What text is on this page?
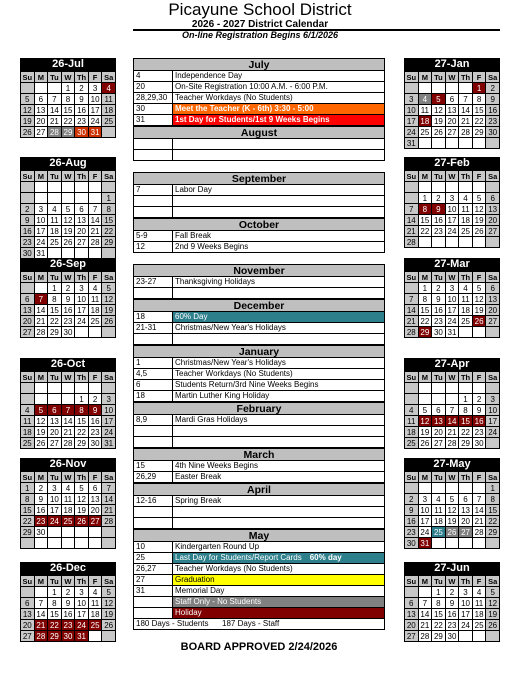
Picayune School District
2026 - 2027 District Calendar
On-line Registration Begins 6/1/2026
July
4	Independence Day
20	On-Site Registration 10:00 A.M. - 6:00 P.M.
28,29,30 Teacher Workdays (No Students)
30	Meet the Teacher (K - 6th) 3:30 - 5:00
31	1st Day for Students/1st 9 Weeks Begins
August
September
7	Labor Day
October
5-9	Fall Break
12	2nd 9 Weeks Begins
November
23-27	Thanksgiving Holidays
December
18	60% Day
21-31	Christmas/New Year's Holidays
January
1	Christmas/New Year's Holidays
4,5	Teacher Workdays (No Students)
6	Students Return/3rd Nine Weeks Begins
18	Martin Luther King Holiday
February
8,9	Mardi Gras Holidays
March
15	4th Nine Weeks Begins
26,29	Easter Break
April
12-16	Spring Break
May
10	Kindergarten Round Up
25	Last Day for Students/Report Cards 60% day
26,27	Teacher Workdays (No Students)
27	Graduation
31	Memorial Day
Staff Only - No Students
Holiday
180 Days - Students	187 Days - Staff
BOARD APPROVED 2/24/2026
26-Jul
Su	M	Tu	W	Th	F	Sa
			1	2	3	4
5	6	7	8	9	10	11
12	13	14	15	16	17	18
19	20	21	22	23	24	25
26	27	28	29	30	31	
26-Aug
Su	M	Tu	W	Th	F	Sa

						1
2	3	4	5	6	7	8
9	10	11	12	13	14	15
16	17	18	19	20	21	22
23	24	25	26	27	28	29
30	31					
26-Sep
Su	M	Tu	W	Th	F	Sa
		1	2	3	4	5
6	7	8	9	10	11	12
13	14	15	16	17	18	19
20	21	22	23	24	25	26
27	28	29	30			
26-Oct
Su	M	Tu	W	Th	F	Sa

				1	2	3
4	5	6	7	8	9	10
11	12	13	14	15	16	17
18	19	20	21	22	23	24
25	26	27	28	29	30	31
26-Nov
Su	M	Tu	W	Th	F	Sa
1	2	3	4	5	6	7
8	9	10	11	12	13	14
15	16	17	18	19	20	21
22	23	24	25	26	27	28
29	30					

26-Dec
Su	M	Tu	W	Th	F	Sa
		1	2	3	4	5
6	7	8	9	10	11	12
13	14	15	16	17	18	19
20	21	22	23	24	25	26
27	28	29	30	31		
27-Jan
Su	M	Tu	W	Th	F	Sa
					1	2
3	4	5	6	7	8	9
10	11	12	13	14	15	16
17	18	19	20	21	22	23
24	25	26	27	28	29	30
31						
27-Feb
Su	M	Tu	W	Th	F	Sa

	1	2	3	4	5	6
7	8	9	10	11	12	13
14	15	16	17	18	19	20
21	22	23	24	25	26	27
28						
27-Mar
Su	M	Tu	W	Th	F	Sa
	1	2	3	4	5	6
7	8	9	10	11	12	13
14	15	16	17	18	19	20
21	22	23	24	25	26	27
28	29	30	31			
27-Apr
Su	M	Tu	W	Th	F	Sa

				1	2	3
4	5	6	7	8	9	10
11	12	13	14	15	16	17
18	19	20	21	22	23	24
25	26	27	28	29	30	
27-May
Su	M	Tu	W	Th	F	Sa
						1
2	3	4	5	6	7	8
9	10	11	12	13	14	15
16	17	18	19	20	21	22
23	24	25	26	27	28	29
30	31					
27-Jun
Su	M	Tu	W	Th	F	Sa
		1	2	3	4	5
6	7	8	9	10	11	12
13	14	15	16	17	18	19
20	21	22	23	24	25	26
27	28	29	30			
